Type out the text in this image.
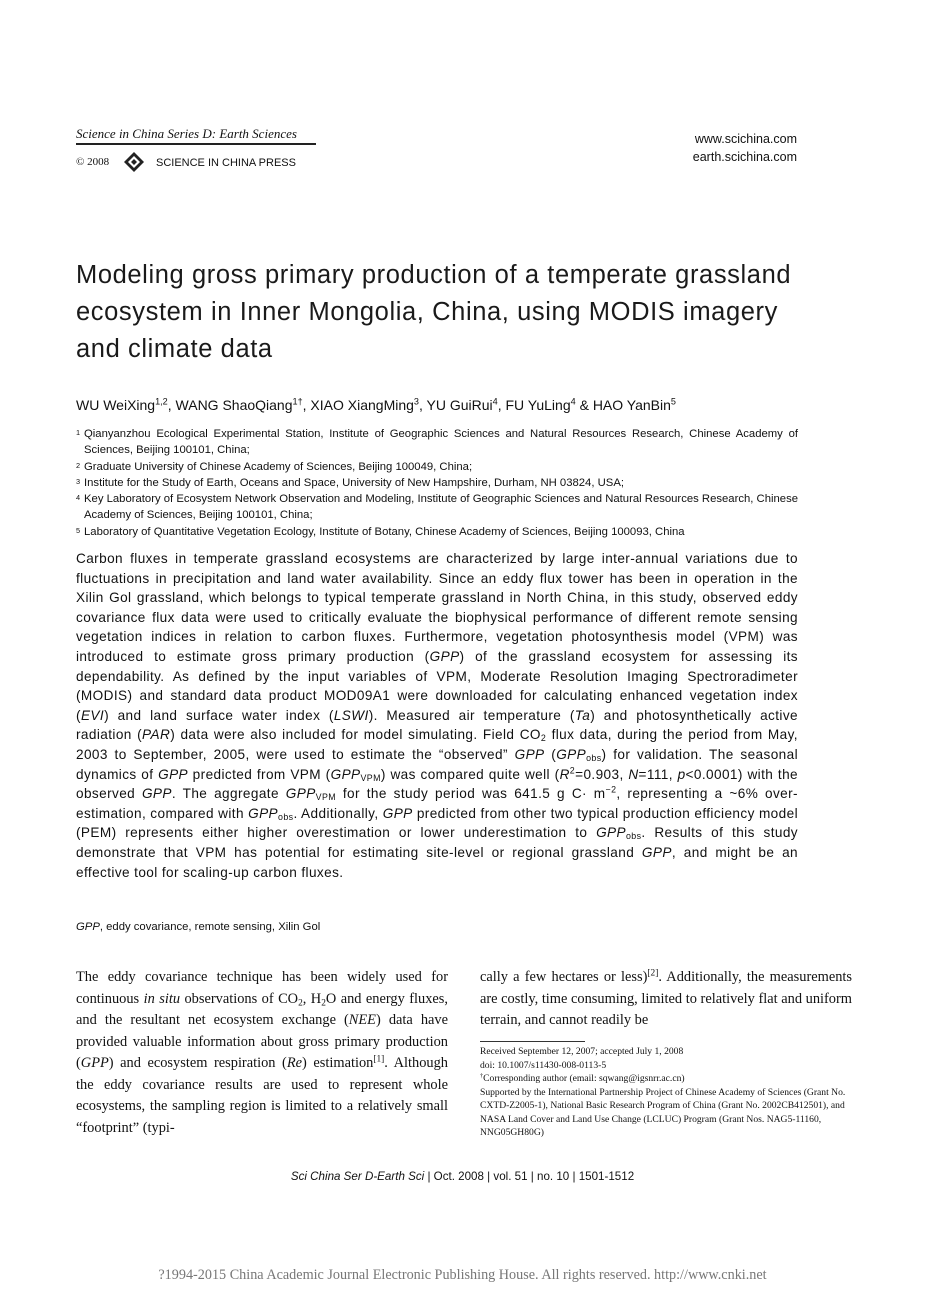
Science in China Series D: Earth Sciences
© 2008	SCIENCE IN CHINA PRESS
www.scichina.com
earth.scichina.com
Modeling gross primary production of a temperate grassland ecosystem in Inner Mongolia, China, using MODIS imagery and climate data
WU WeiXing$^{1,2}$, WANG ShaoQiang$^{1\dagger}$, XIAO XiangMing$^3$, YU GuiRui$^4$, FU YuLing$^4$ & HAO YanBin$^5$
1 Qianyanzhou Ecological Experimental Station, Institute of Geographic Sciences and Natural Resources Research, Chinese Academy of Sciences, Beijing 100101, China;
2 Graduate University of Chinese Academy of Sciences, Beijing 100049, China;
3 Institute for the Study of Earth, Oceans and Space, University of New Hampshire, Durham, NH 03824, USA;
4 Key Laboratory of Ecosystem Network Observation and Modeling, Institute of Geographic Sciences and Natural Resources Research, Chinese Academy of Sciences, Beijing 100101, China;
5 Laboratory of Quantitative Vegetation Ecology, Institute of Botany, Chinese Academy of Sciences, Beijing 100093, China

Carbon fluxes in temperate grassland ecosystems are characterized by large inter-annual variations due to fluctuations in precipitation and land water availability. Since an eddy flux tower has been in operation in the Xilin Gol grassland, which belongs to typical temperate grassland in North China, in this study, observed eddy covariance flux data were used to critically evaluate the biophysical performance of different remote sensing vegetation indices in relation to carbon fluxes. Furthermore, vegetation photosynthesis model (VPM) was introduced to estimate gross primary production (GPP) of the grassland ecosystem for assessing its dependability. As defined by the input variables of VPM, Moderate Resolution Imaging Spectroradimeter (MODIS) and standard data product MOD09A1 were downloaded for calculating enhanced vegetation index (EVI) and land surface water index (LSWI). Measured air temperature (Ta) and photosynthetically active radiation (PAR) data were also included for model simulating. Field $CO_2$ flux data, during the period from May, 2003 to September, 2005, were used to estimate the “observed” GPP $(GPP_{obs})$ for validation. The seasonal dynamics of GPP predicted from VPM $(GPP_{VPM})$ was compared quite well ($R^2=0.903$, N=111, p<0.0001) with the observed GPP. The aggregate $GPP_{VPM}$ for the study period was 641.5 g $C\cdot m^{-2}$, representing a ~6% over-estimation, compared with $GPP_{obs}$. Additionally, GPP predicted from other two typical production efficiency model (PEM) represents either higher overestimation or lower underestimation to $GPP_{obs}$. Results of this study demonstrate that VPM has potential for estimating site-level or regional grassland GPP, and might be an effective tool for scaling-up carbon fluxes.

GPP, eddy covariance, remote sensing, Xilin Gol

The eddy covariance technique has been widely used for continuous in situ observations of $CO_2$, $H_2O$ and energy fluxes, and the resultant net ecosystem exchange (NEE) data have provided valuable information about gross primary production (GPP) and ecosystem respiration (Re) estimation[1]. Although the eddy covariance results are used to represent whole ecosystems, the sampling region is limited to a relatively small “footprint” (typi-

cally a few hectares or less)[2]. Additionally, the measurements are costly, time consuming, limited to relatively flat and uniform terrain, and cannot readily be

Received September 12, 2007; accepted July 1, 2008
doi: 10.1007/s11430-008-0113-5
†Corresponding author (email: sqwang@igsnrr.ac.cn)
Supported by the International Partnership Project of Chinese Academy of Sciences (Grant No. CXTD-Z2005-1), National Basic Research Program of China (Grant No. 2002CB412501), and NASA Land Cover and Land Use Change (LCLUC) Program (Grant Nos. NAG5-11160, NNG05GH80G)
Sci China Ser D-Earth Sci | Oct. 2008 | vol. 51 | no. 10 | 1501-1512
?1994-2015 China Academic Journal Electronic Publishing House. All rights reserved. http://www.cnki.net
